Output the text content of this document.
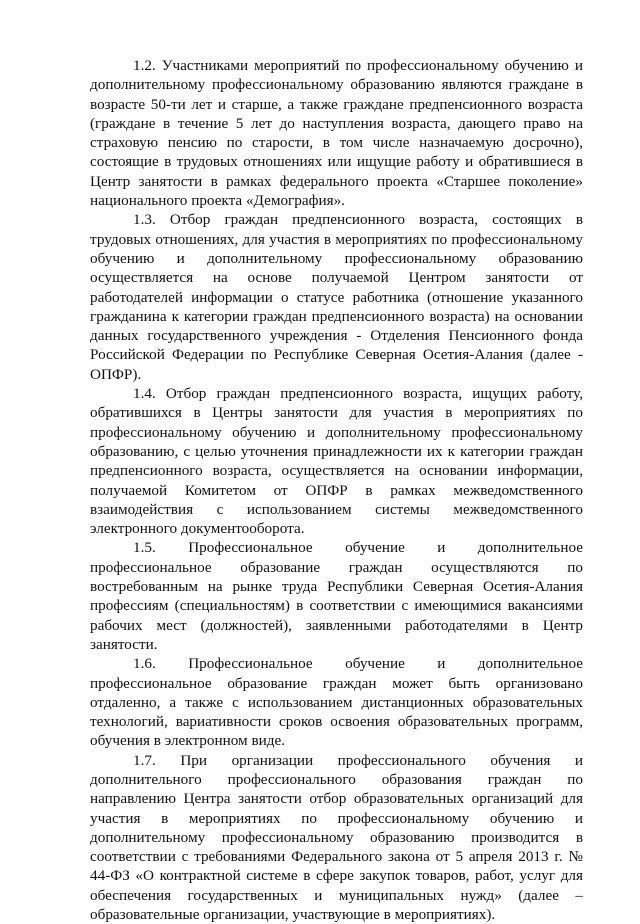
1.2. Участниками мероприятий по профессиональному обучению и дополнительному профессиональному образованию являются граждане в возрасте 50-ти лет и старше, а также граждане предпенсионного возраста (граждане в течение 5 лет до наступления возраста, дающего право на страховую пенсию по старости, в том числе назначаемую досрочно), состоящие в трудовых отношениях или ищущие работу и обратившиеся в Центр занятости в рамках федерального проекта «Старшее поколение» национального проекта «Демография».

1.3. Отбор граждан предпенсионного возраста, состоящих в трудовых отношениях, для участия в мероприятиях по профессиональному обучению и дополнительному профессиональному образованию осуществляется на основе получаемой Центром занятости от работодателей информации о статусе работника (отношение указанного гражданина к категории граждан предпенсионного возраста) на основании данных государственного учреждения - Отделения Пенсионного фонда Российской Федерации по Республике Северная Осетия-Алания (далее - ОПФР).

1.4. Отбор граждан предпенсионного возраста, ищущих работу, обратившихся в Центры занятости для участия в мероприятиях по профессиональному обучению и дополнительному профессиональному образованию, с целью уточнения принадлежности их к категории граждан предпенсионного возраста, осуществляется на основании информации, получаемой Комитетом от ОПФР в рамках межведомственного взаимодействия с использованием системы межведомственного электронного документооборота.

1.5. Профессиональное обучение и дополнительное профессиональное образование граждан осуществляются по востребованным на рынке труда Республики Северная Осетия-Алания профессиям (специальностям) в соответствии с имеющимися вакансиями рабочих мест (должностей), заявленными работодателями в Центр занятости.

1.6. Профессиональное обучение и дополнительное профессиональное образование граждан может быть организовано отдаленно, а также с использованием дистанционных образовательных технологий, вариативности сроков освоения образовательных программ, обучения в электронном виде.

1.7. При организации профессионального обучения и дополнительного профессионального образования граждан по направлению Центра занятости отбор образовательных организаций для участия в мероприятиях по профессиональному обучению и дополнительному профессиональному образованию производится в соответствии с требованиями Федерального закона от 5 апреля 2013 г. № 44-ФЗ «О контрактной системе в сфере закупок товаров, работ, услуг для обеспечения государственных и муниципальных нужд» (далее – образовательные организации, участвующие в мероприятиях).
